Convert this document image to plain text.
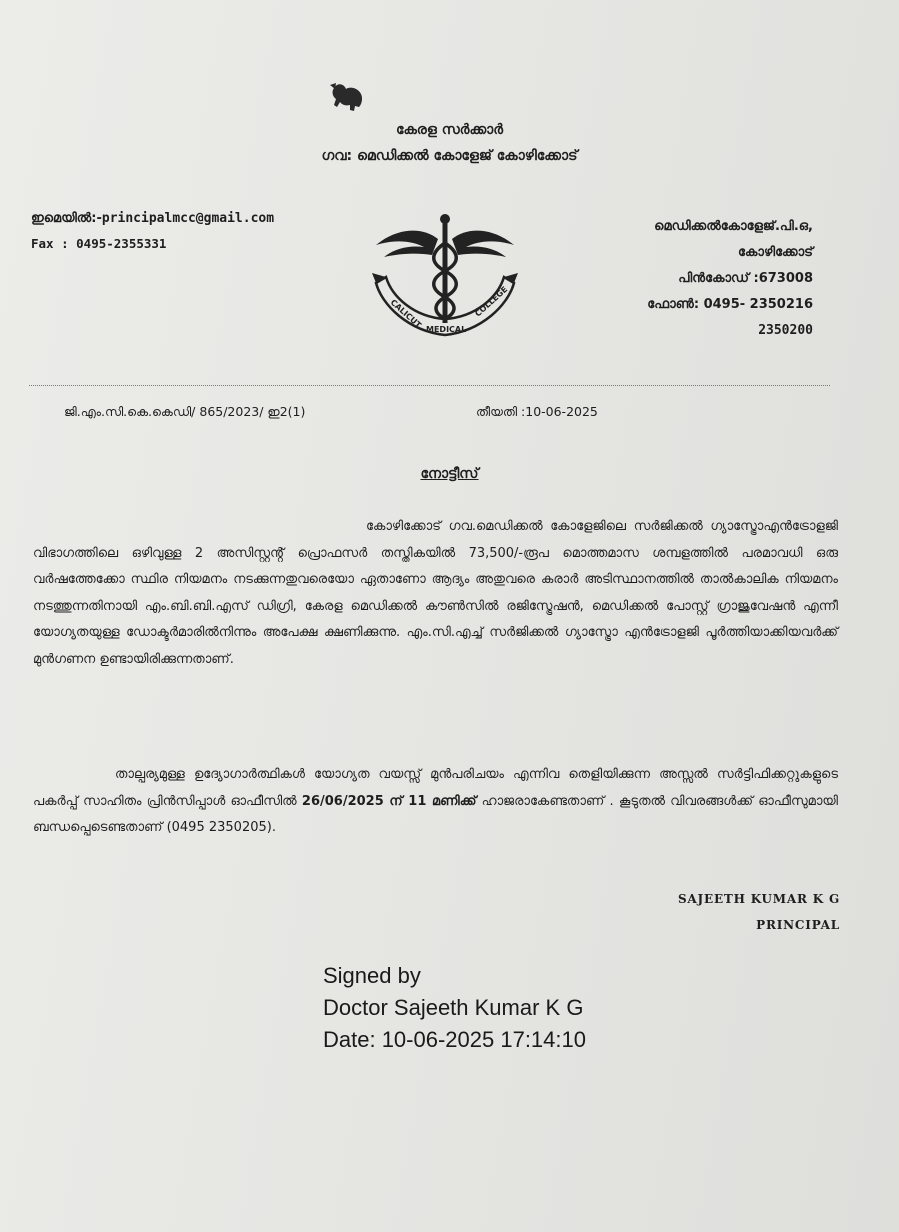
കേരള സർക്കാർ
ഗവ: മെഡിക്കൽ കോളേജ് കോഴിക്കോട്
ഇമെയിൽ:-principalmcc@gmail.com
Fax : 0495-2355331
CALICUT MEDICAL
COLLEGE
മെഡിക്കൽകോളേജ്.പി.ഒ,
കോഴിക്കോട്
പിൻകോഡ് :673008
ഫോൺ: 0495- 2350216
2350200
ജി.എം.സി.കെ.കെഡി/ 865/2023/ ഇ2(1)	തീയതി :10-06-2025
നോട്ടീസ്
കോഴിക്കോട് ഗവ.മെഡിക്കൽ കോളേജിലെ സർജിക്കൽ ഗ്യാസ്ട്രോഎൻട്രോളജി വിഭാഗത്തിലെ ഒഴിവുള്ള 2 അസിസ്റ്റൻ്റ് പ്രൊഫസർ തസ്തികയിൽ 73,500/-രൂപ മൊത്തമാസ ശമ്പളത്തിൽ പരമാവധി ഒരു വർഷത്തേക്കോ സ്ഥിര നിയമനം നടക്കുന്നതുവരെയോ ഏതാണോ ആദ്യം അതുവരെ കരാർ അടിസ്ഥാനത്തിൽ താൽകാലിക നിയമനം നടത്തുന്നതിനായി എം.ബി.ബി.എസ് ഡിഗ്രി, കേരള മെഡിക്കൽ കൗൺസിൽ രജിസ്ട്രേഷൻ, മെഡിക്കൽ പോസ്റ്റ് ഗ്രാജുവേഷൻ എന്നീ യോഗ്യതയുള്ള ഡോക്ടർമാരിൽനിന്നും അപേക്ഷ ക്ഷണിക്കുന്നു. എം.സി.എച്ച് സർജിക്കൽ ഗ്യാസ്ട്രോ എൻട്രോളജി പൂർത്തിയാക്കിയവർക്ക് മുൻഗണന ഉണ്ടായിരിക്കുന്നതാണ്.
താല്പര്യമുള്ള ഉദ്യോഗാർത്ഥികൾ യോഗ്യത വയസ്സ് മുൻപരിചയം എന്നിവ തെളിയിക്കുന്ന അസ്സൽ സർട്ടിഫിക്കറ്റുകളുടെ പകർപ്പ് സാഹിതം പ്രിൻസിപ്പാൾ ഓഫീസിൽ 26/06/2025 ന് 11 മണിക്ക് ഹാജരാകേണ്ടതാണ് . കൂടുതൽ വിവരങ്ങൾക്ക് ഓഫീസുമായി ബന്ധപ്പെടെണ്ടതാണ് (0495 2350205).
SAJEETH KUMAR K G
PRINCIPAL
Signed by
Doctor Sajeeth Kumar K G
Date: 10-06-2025 17:14:10
